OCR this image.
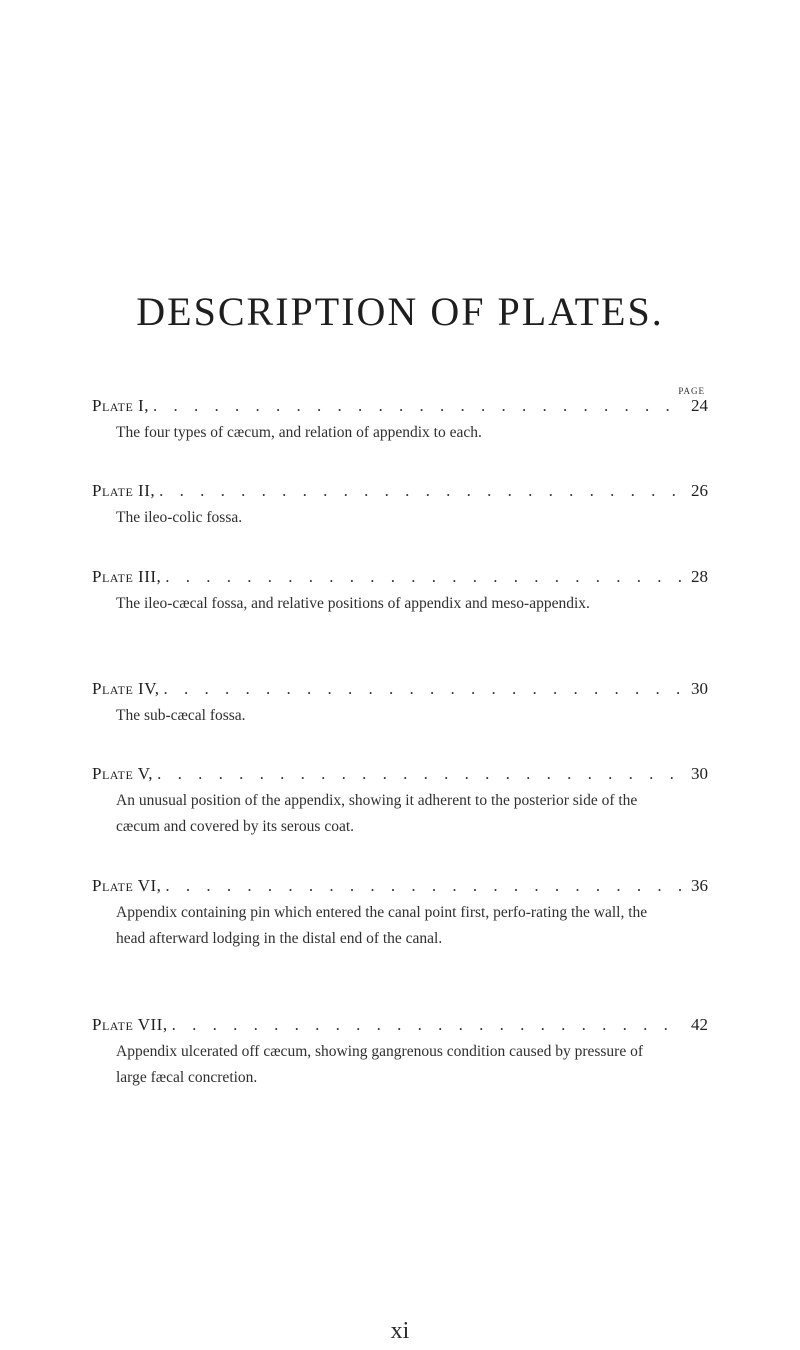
DESCRIPTION OF PLATES.
PAGE
Plate I, . . .	24
The four types of cæcum, and relation of appendix to each.
Plate II, . . .	26
The ileo-colic fossa.
Plate III, . . .	28
The ileo-cæcal fossa, and relative positions of appendix and meso-appendix.
Plate IV, . . .	30
The sub-cæcal fossa.
Plate V, . . .	30
An unusual position of the appendix, showing it adherent to the posterior side of the cæcum and covered by its serous coat.
Plate VI, . . .	36
Appendix containing pin which entered the canal point first, perfo-rating the wall, the head afterward lodging in the distal end of the canal.
Plate VII, . . .	42
Appendix ulcerated off cæcum, showing gangrenous condition caused by pressure of large fæcal concretion.
xi
